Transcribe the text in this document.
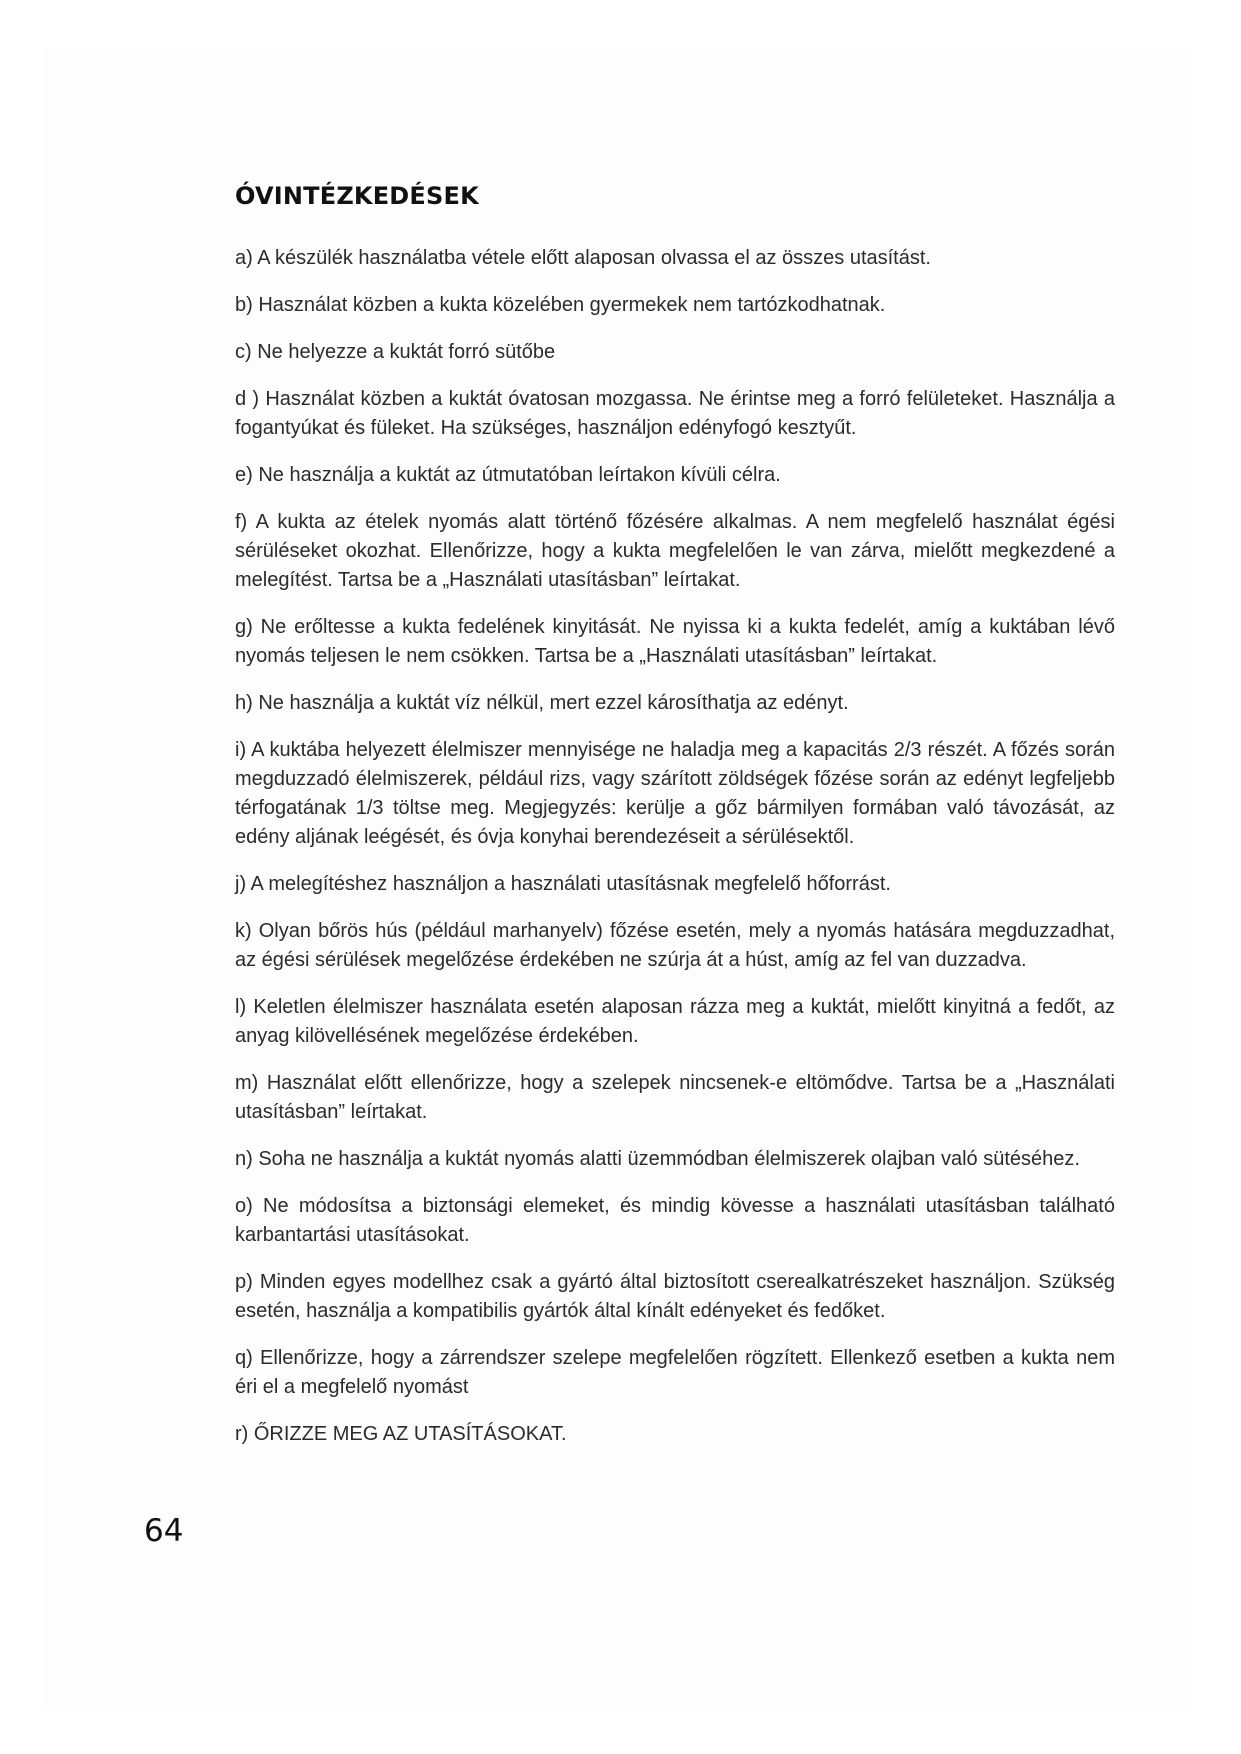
ÓVINTÉZKEDÉSEK
a) A készülék használatba vétele előtt alaposan olvassa el az összes utasítást.
b) Használat közben a kukta közelében gyermekek nem tartózkodhatnak.
c) Ne helyezze a kuktát forró sütőbe
d ) Használat közben a kuktát óvatosan mozgassa. Ne érintse meg a forró felületeket. Használja a fogantyúkat és füleket. Ha szükséges, használjon edényfogó kesztyűt.
e) Ne használja a kuktát az útmutatóban leírtakon kívüli célra.
f) A kukta az ételek nyomás alatt történő főzésére alkalmas. A nem megfelelő használat égési sérüléseket okozhat. Ellenőrizze, hogy a kukta megfelelően le van zárva, mielőtt megkezdené a melegítést. Tartsa be a „Használati utasításban” leírtakat.
g) Ne erőltesse a kukta fedelének kinyitását. Ne nyissa ki a kukta fedelét, amíg a kuktában lévő nyomás teljesen le nem csökken. Tartsa be a „Használati utasításban” leírtakat.
h) Ne használja a kuktát víz nélkül, mert ezzel károsíthatja az edényt.
i) A kuktába helyezett élelmiszer mennyisége ne haladja meg a kapacitás 2/3 részét. A főzés során megduzzadó élelmiszerek, például rizs, vagy szárított zöldségek főzése során az edényt legfeljebb térfogatának 1/3 töltse meg. Megjegyzés: kerülje a gőz bármilyen formában való távozását, az edény aljának leégését, és óvja konyhai berendezéseit a sérülésektől.
j) A melegítéshez használjon a használati utasításnak megfelelő hőforrást.
k) Olyan bőrös hús (például marhanyelv) főzése esetén, mely a nyomás hatására megduzzadhat, az égési sérülések megelőzése érdekében ne szúrja át a húst, amíg az fel van duzzadva.
l) Keletlen élelmiszer használata esetén alaposan rázza meg a kuktát, mielőtt kinyitná a fedőt, az anyag kilövellésének megelőzése érdekében.
m) Használat előtt ellenőrizze, hogy a szelepek nincsenek-e eltömődve. Tartsa be a „Használati utasításban” leírtakat.
n) Soha ne használja a kuktát nyomás alatti üzemmódban élelmiszerek olajban való sütéséhez.
o) Ne módosítsa a biztonsági elemeket, és mindig kövesse a használati utasításban található karbantartási utasításokat.
p) Minden egyes modellhez csak a gyártó által biztosított cserealkatrészeket használjon. Szükség esetén, használja a kompatibilis gyártók által kínált edényeket és fedőket.
q) Ellenőrizze, hogy a zárrendszer szelepe megfelelően rögzített. Ellenkező esetben a kukta nem éri el a megfelelő nyomást
r) ŐRIZZE MEG AZ UTASÍTÁSOKAT.
64
